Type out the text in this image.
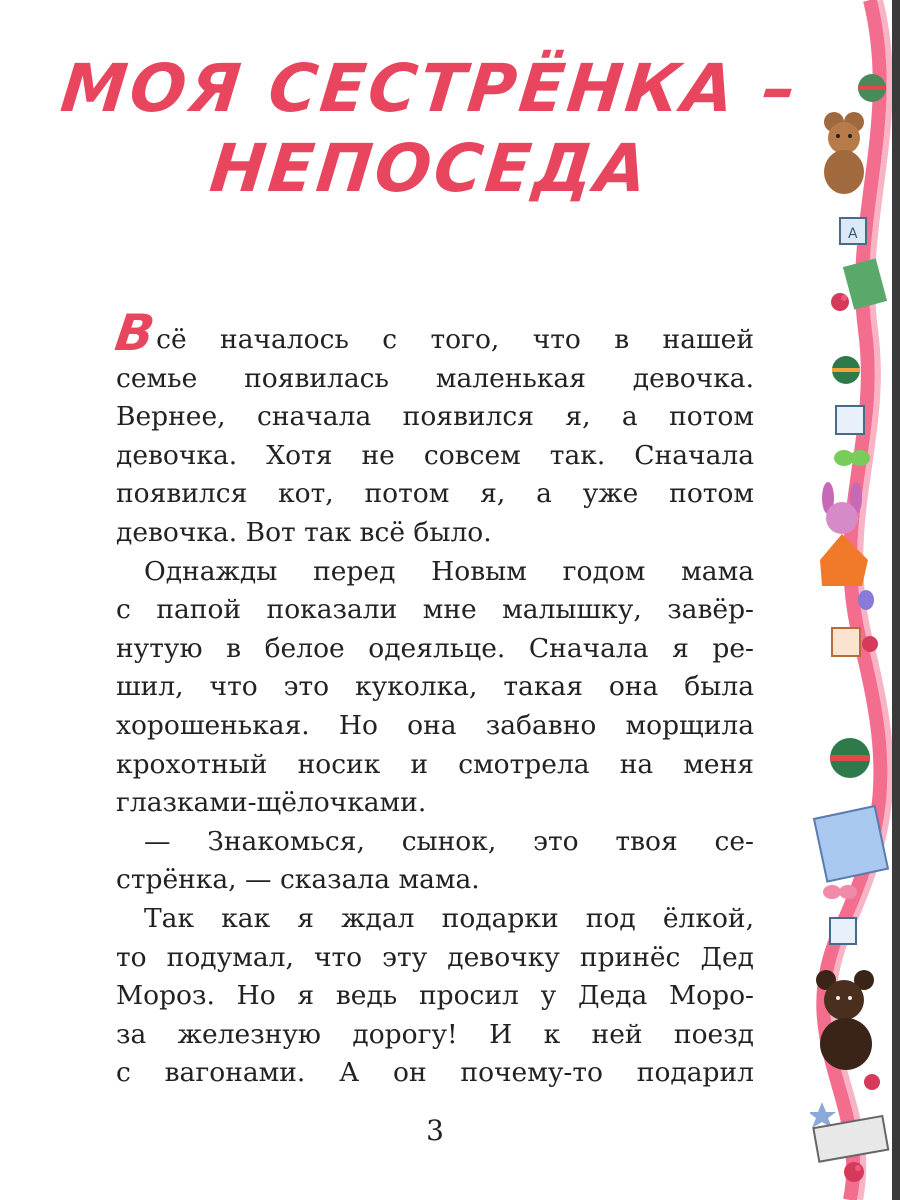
МОЯ СЕСТРЁНКА –
НЕПОСЕДА

Всё началось с того, что в нашей

семье появилась маленькая девочка.

Вернее, сначала появился я, а потом

девочка. Хотя не совсем так. Сначала

появился кот, потом я, а уже потом

девочка. Вот так всё было.

Однажды перед Новым годом мама

с папой показали мне малышку, завёр-

нутую в белое одеяльце. Сначала я ре-

шил, что это куколка, такая она была

хорошенькая. Но она забавно морщила

крохотный носик и смотрела на меня

глазками-щёлочками.

— Знакомься, сынок, это твоя се-

стрёнка, — сказала мама.

Так как я ждал подарки под ёлкой,

то подумал, что эту девочку принёс Дед

Мороз. Но я ведь просил у Деда Моро-

за железную дорогу! И к ней поезд

с вагонами. А он почему-то подарил

3
A
